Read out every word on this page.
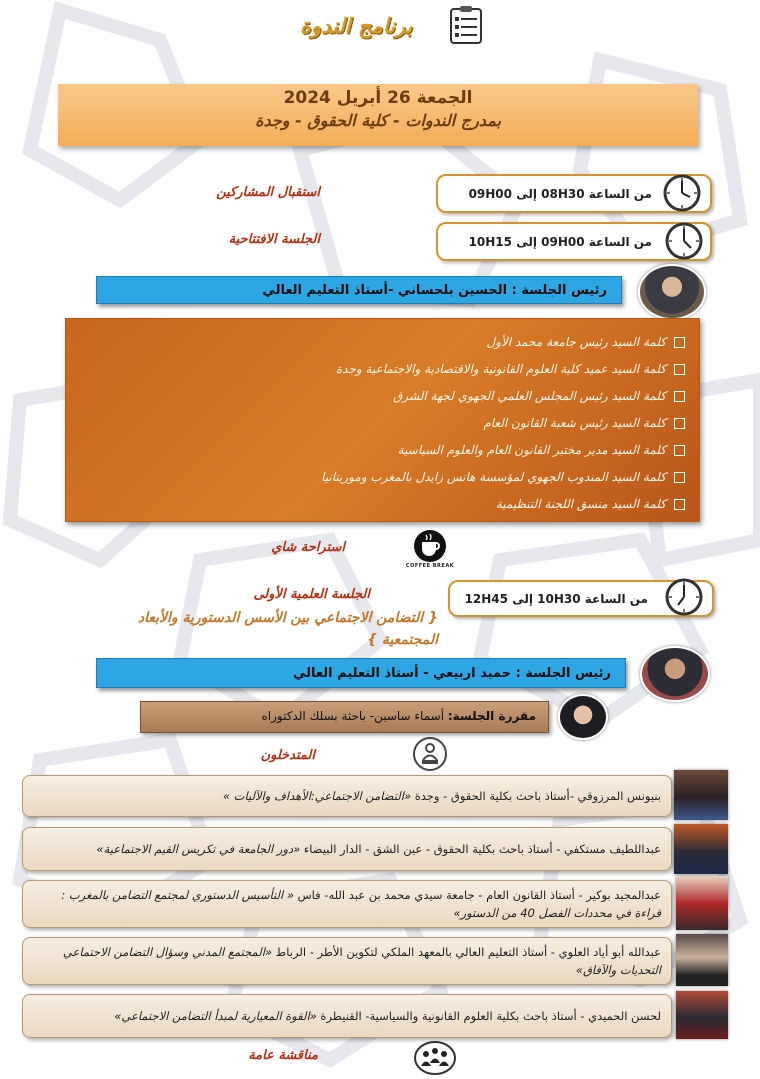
برنامج الندوة
الجمعة 26 أبريل 2024
بمدرج الندوات - كلية الحقوق - وجدة
استقبال المشاركين	من الساعة 08H30 إلى 09H00
الجلسة الافتتاحية	من الساعة 09H00 إلى 10H15
رئيس الجلسة : الحسين بلحساني -أستاذ التعليم العالي
كلمة السيد رئيس جامعة محمد الأول
كلمة السيد عميد كلية العلوم القانونية والاقتصادية والاجتماعية وجدة
كلمة السيد رئيس المجلس العلمي الجهوي لجهة الشرق
كلمة السيد رئيس شعبة القانون العام
كلمة السيد مدير مختبر القانون العام والعلوم السياسية
كلمة السيد المندوب الجهوي لمؤسسة هانس زايدل بالمغرب وموريتانيا
كلمة السيد منسق اللجنة التنظيمية
استراحة شاي
COFFEE BREAK
الجلسة العلمية الأولى
{ التضامن الاجتماعي بين الأسس الدستورية والأبعاد المجتمعية }
من الساعة 10H30 إلى 12H45
رئيس الجلسة : حميد اربيعي - أستاذ التعليم العالي
مقررة الجلسة: أسماء ساسين- باحثة بسلك الدكتوراه
المتدخلون
بنيونس المرزوقي -أستاذ باحث بكلية الحقوق - وجدة «التضامن الاجتماعي:الأهداف والآليات »
عبداللطيف مستكفي - أستاذ باحث بكلية الحقوق - عين الشق - الدار البيضاء «دور الجامعة في تكريس القيم الاجتماعية»
عبدالمجيد بوكير - أستاذ القانون العام - جامعة سيدي محمد بن عبد الله- فاس « التأسيس الدستوري لمجتمع التضامن بالمغرب : قراءة في محددات الفصل 40 من الدستور»
عبدالله أبو أياد العلوي - أستاذ التعليم العالي بالمعهد الملكي لتكوين الأطر - الرباط «المجتمع المدني وسؤال التضامن الاجتماعي التحديات والآفاق»
لحسن الحميدي - أستاذ باحث بكلية العلوم القانونية والسياسية- القنيطرة «القوة المعيارية لمبدأ التضامن الاجتماعي»
مناقشة عامة
